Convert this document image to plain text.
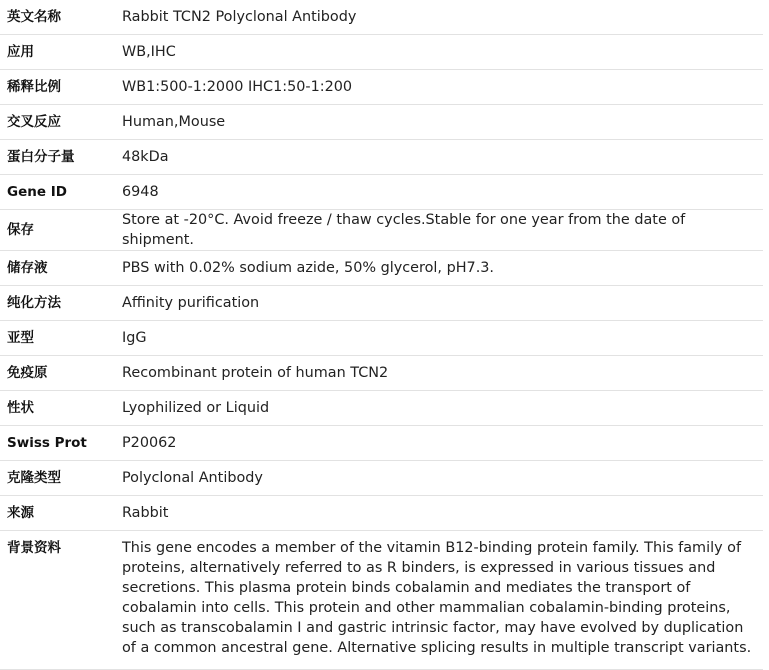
英文名称	Rabbit TCN2 Polyclonal Antibody
应用	WB,IHC
稀释比例	WB1:500-1:2000 IHC1:50-1:200
交叉反应	Human,Mouse
蛋白分子量	48kDa
Gene ID	6948
保存	Store at -20°C. Avoid freeze / thaw cycles.Stable for one year from the date of shipment.
储存液	PBS with 0.02% sodium azide, 50% glycerol, pH7.3.
纯化方法	Affinity purification
亚型	IgG
免疫原	Recombinant protein of human TCN2
性状	Lyophilized or Liquid
Swiss Prot	P20062
克隆类型	Polyclonal Antibody
来源	Rabbit
背景资料	This gene encodes a member of the vitamin B12-binding protein family. This family of proteins, alternatively referred to as R binders, is expressed in various tissues and secretions. This plasma protein binds cobalamin and mediates the transport of cobalamin into cells. This protein and other mammalian cobalamin-binding proteins, such as transcobalamin I and gastric intrinsic factor, may have evolved by duplication of a common ancestral gene. Alternative splicing results in multiple transcript variants.
